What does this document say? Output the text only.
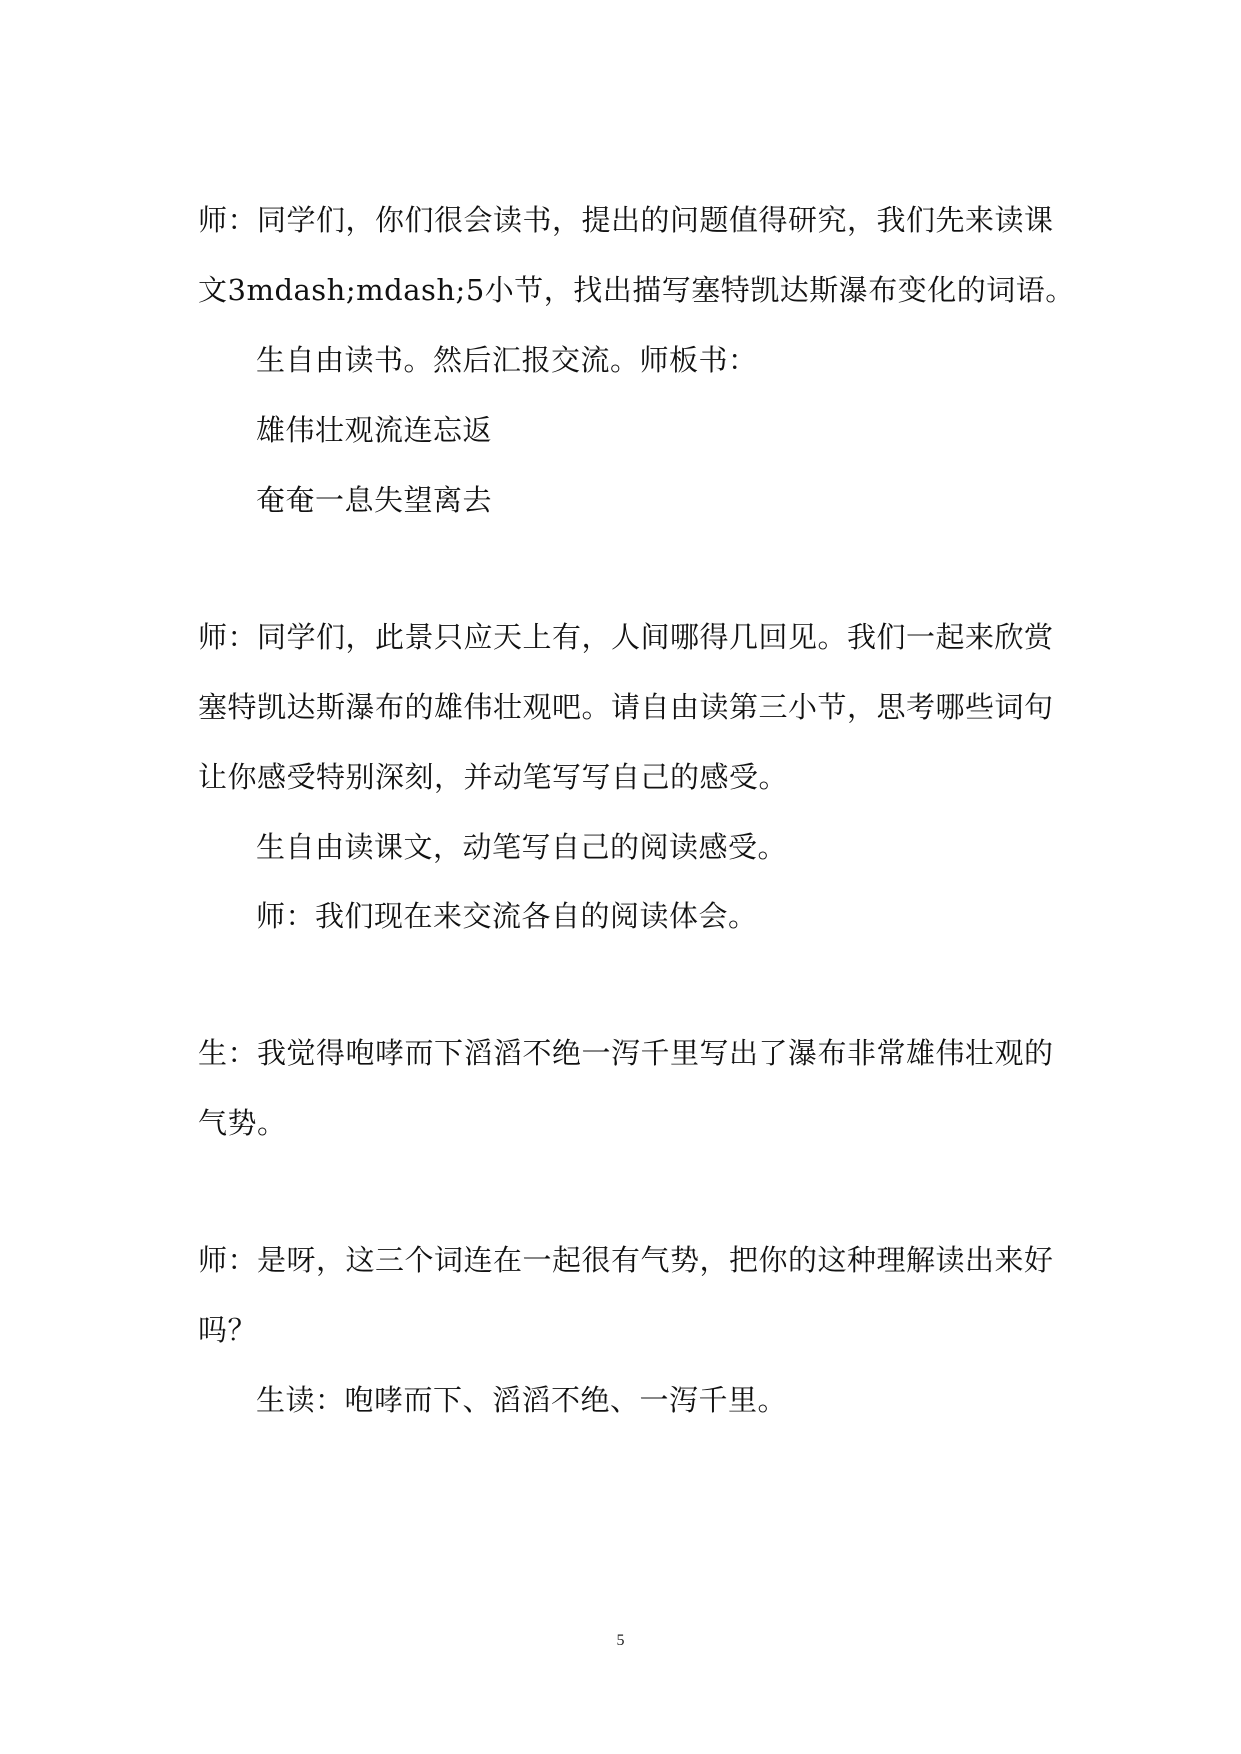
师：同学们，你们很会读书，提出的问题值得研究，我们先来读课
文3mdash;mdash;5小节，找出描写塞特凯达斯瀑布变化的词语。
生自由读书。然后汇报交流。师板书：
雄伟壮观流连忘返
奄奄一息失望离去
师：同学们，此景只应天上有，人间哪得几回见。我们一起来欣赏
塞特凯达斯瀑布的雄伟壮观吧。请自由读第三小节，思考哪些词句
让你感受特别深刻，并动笔写写自己的感受。
生自由读课文，动笔写自己的阅读感受。
师：我们现在来交流各自的阅读体会。
生：我觉得咆哮而下滔滔不绝一泻千里写出了瀑布非常雄伟壮观的
气势。
师：是呀，这三个词连在一起很有气势，把你的这种理解读出来好
吗？
生读：咆哮而下、滔滔不绝、一泻千里。
5
